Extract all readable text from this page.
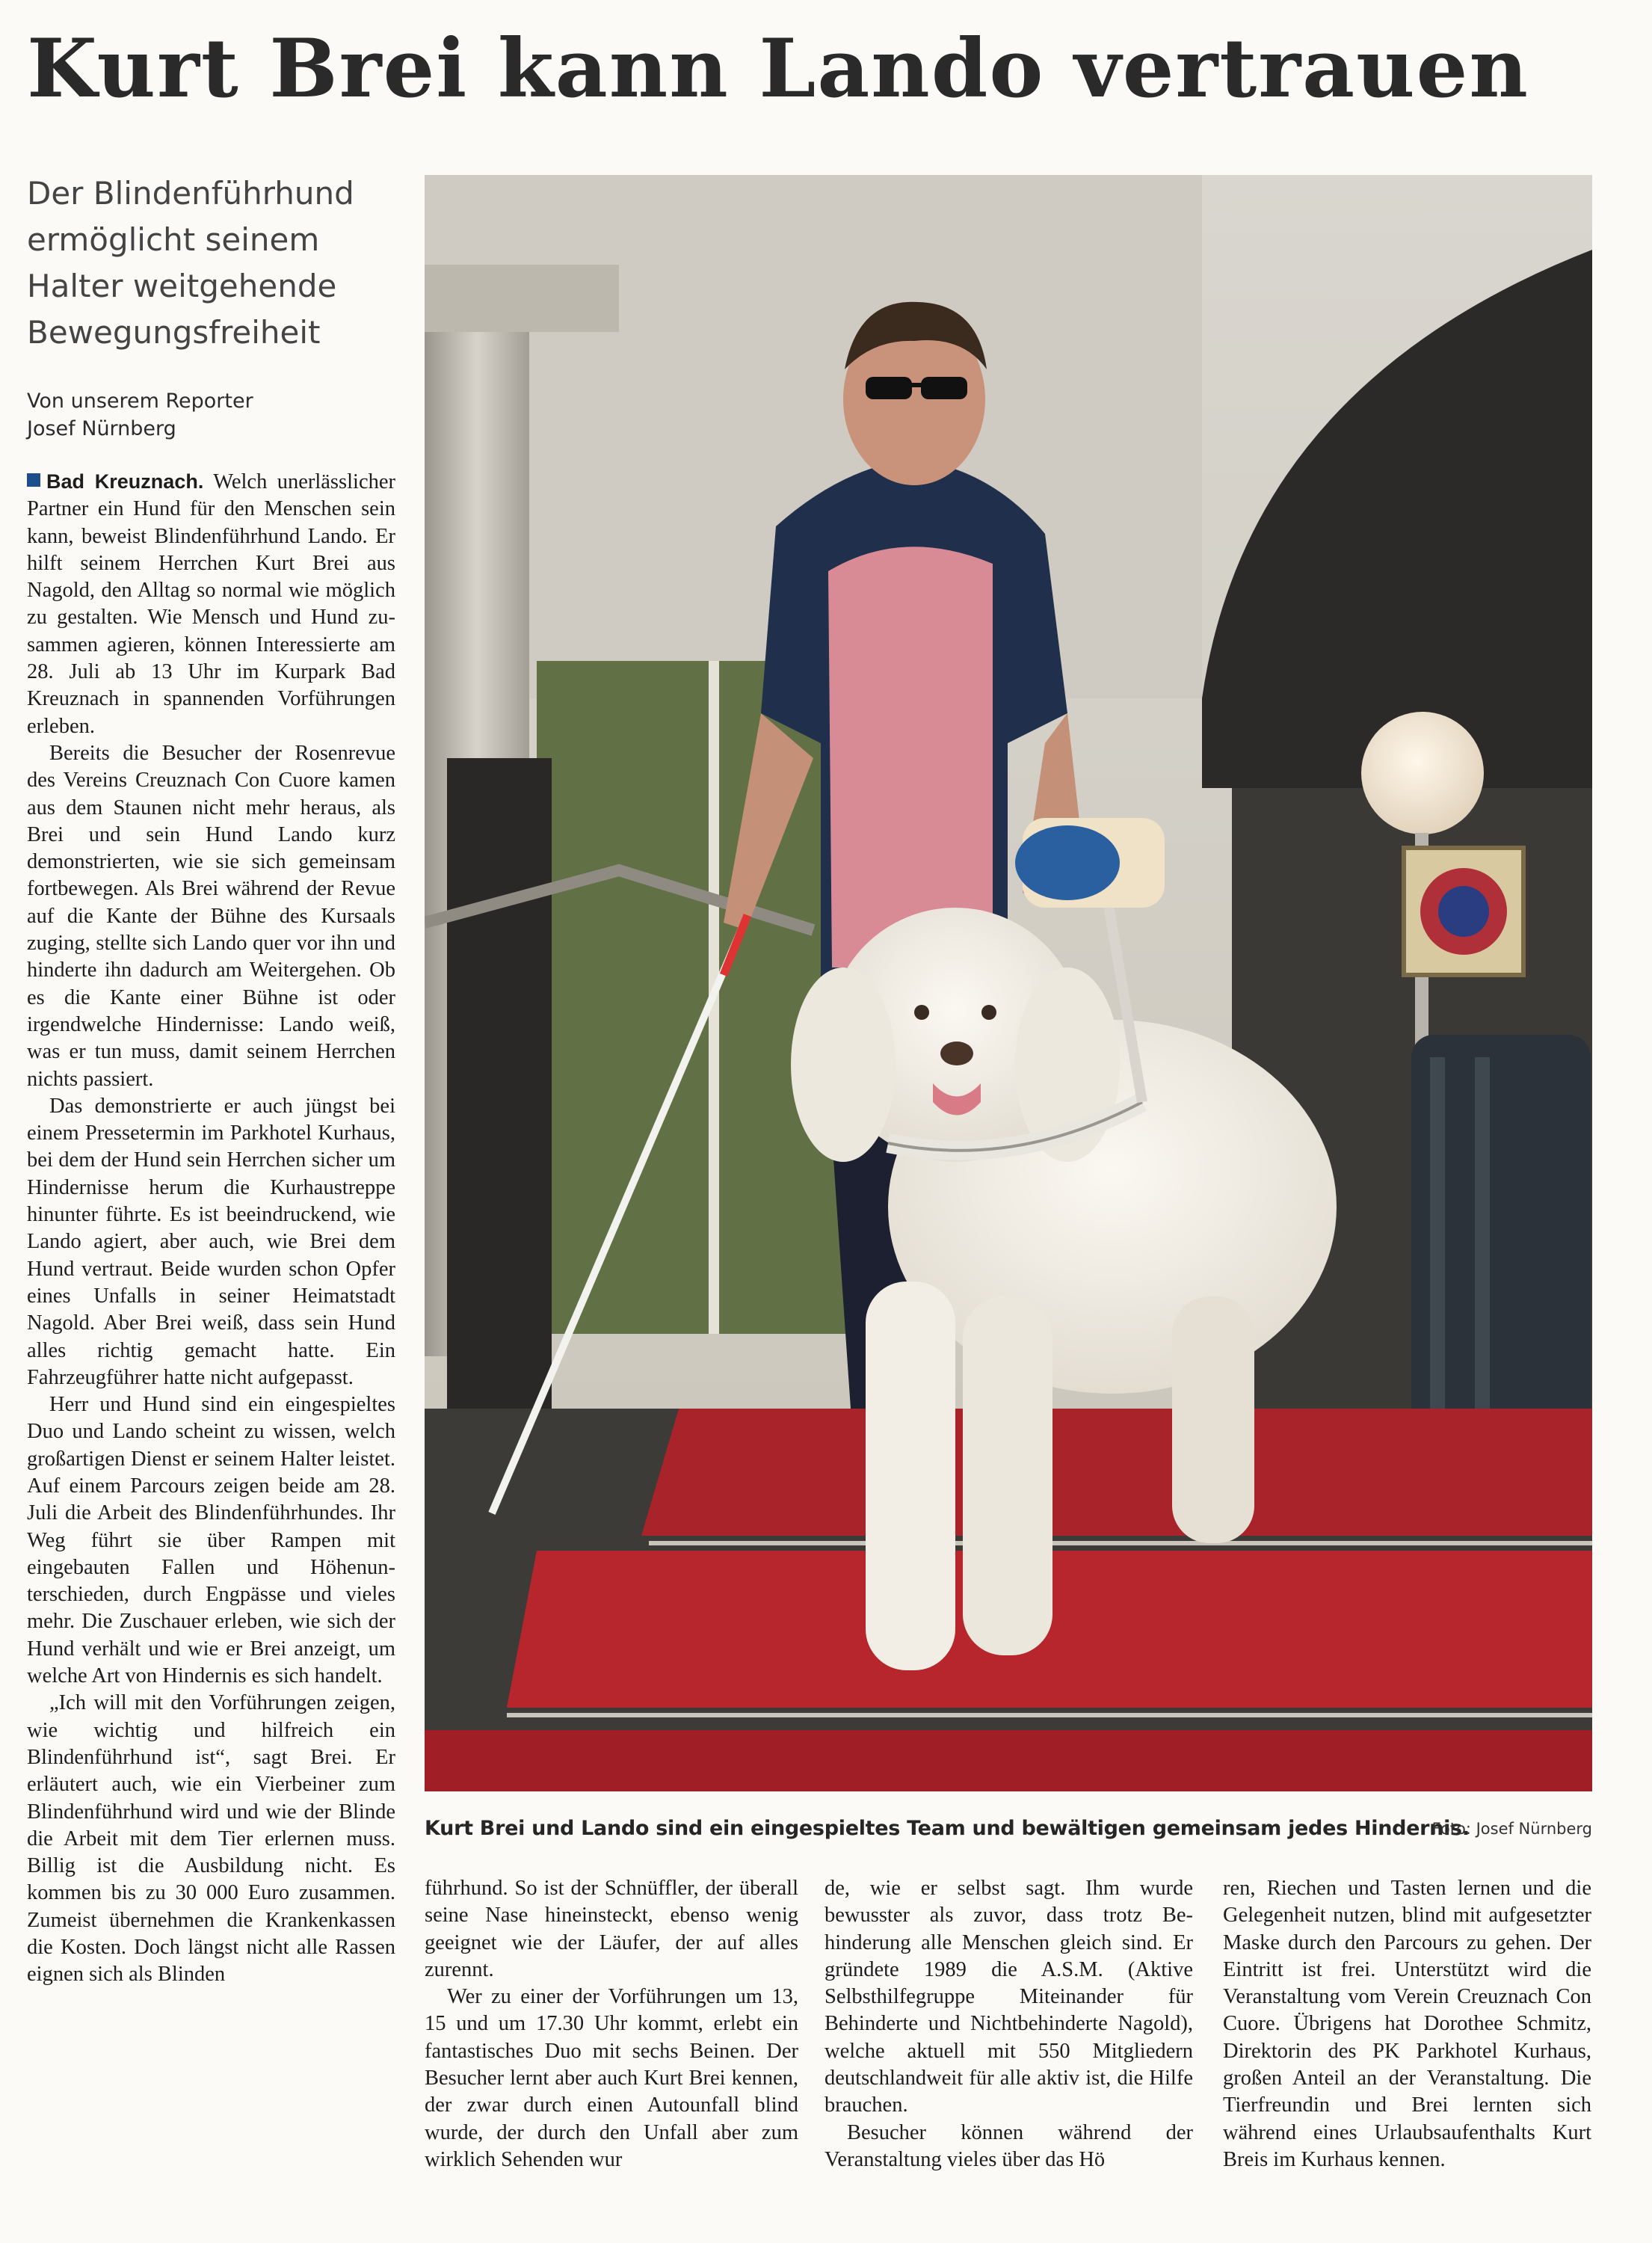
Kurt Brei kann Lando vertrauen
Der Blindenführhund
ermöglicht seinem
Halter weitgehende
Bewegungsfreiheit
Von unserem Reporter
Josef Nürnberg

Bad Kreuznach. Welch unerlässlicher Partner ein Hund für den Menschen sein kann, beweist Blindenführhund Lando. Er hilft seinem Herrchen Kurt Brei aus Nagold, den Alltag so normal wie möglich zu gestalten. Wie Mensch und Hund zusammen agieren, können Interessierte am 28. Juli ab 13 Uhr im Kurpark Bad Kreuznach in spannenden Vorführungen erleben.

Bereits die Besucher der Rosenrevue des Vereins Creuznach Con Cuore kamen aus dem Staunen nicht mehr heraus, als Brei und sein Hund Lando kurz demonstrierten, wie sie sich gemeinsam fortbewegen. Als Brei während der Revue auf die Kante der Bühne des Kursaals zuging, stellte sich Lando quer vor ihn und hinderte ihn dadurch am Weitergehen. Ob es die Kante einer Bühne ist oder irgendwelche Hindernisse: Lando weiß, was er tun muss, damit seinem Herrchen nichts passiert.

Das demonstrierte er auch jüngst bei einem Pressetermin im Parkhotel Kurhaus, bei dem der Hund sein Herrchen sicher um Hindernisse herum die Kurhaustreppe hinunter führte. Es ist beeindruckend, wie Lando agiert, aber auch, wie Brei dem Hund vertraut. Beide wurden schon Opfer eines Unfalls in seiner Heimatstadt Nagold. Aber Brei weiß, dass sein Hund alles richtig gemacht hatte. Ein Fahrzeugführer hatte nicht aufgepasst.

Herr und Hund sind ein eingespieltes Duo und Lando scheint zu wissen, welch großartigen Dienst er seinem Halter leistet. Auf einem Parcours zeigen beide am 28. Juli die Arbeit des Blindenführhundes. Ihr Weg führt sie über Rampen mit eingebauten Fallen und Höhenunterschieden, durch Engpässe und vieles mehr. Die Zuschauer erleben, wie sich der Hund verhält und wie er Brei anzeigt, um welche Art von Hindernis es sich handelt.

„Ich will mit den Vorführungen zeigen, wie wichtig und hilfreich ein Blindenführhund ist“, sagt Brei. Er erläutert auch, wie ein Vierbeiner zum Blindenführhund wird und wie der Blinde die Arbeit mit dem Tier erlernen muss. Billig ist die Ausbildung nicht. Es kommen bis zu 30 000 Euro zusammen. Zumeist übernehmen die Krankenkassen die Kosten. Doch längst nicht alle Rassen eignen sich als Blinden

Kurt Brei und Lando sind ein eingespieltes Team und bewältigen gemeinsam jedes Hindernis.
Foto: Josef Nürnberg

führhund. So ist der Schnüffler, der überall seine Nase hineinsteckt, ebenso wenig geeignet wie der Läufer, der auf alles zurennt.

Wer zu einer der Vorführungen um 13, 15 und um 17.30 Uhr kommt, erlebt ein fantastisches Duo mit sechs Beinen. Der Besucher lernt aber auch Kurt Brei kennen, der zwar durch einen Autounfall blind wurde, der durch den Unfall aber zum wirklich Sehenden wur

de, wie er selbst sagt. Ihm wurde bewusster als zuvor, dass trotz Behinderung alle Menschen gleich sind. Er gründete 1989 die A.S.M. (Aktive Selbsthilfegruppe Miteinander für Behinderte und Nichtbehinderte Nagold), welche aktuell mit 550 Mitgliedern deutschlandweit für alle aktiv ist, die Hilfe brauchen.

Besucher können während der Veranstaltung vieles über das Hö

ren, Riechen und Tasten lernen und die Gelegenheit nutzen, blind mit aufgesetzter Maske durch den Parcours zu gehen. Der Eintritt ist frei. Unterstützt wird die Veranstaltung vom Verein Creuznach Con Cuore. Übrigens hat Dorothee Schmitz, Direktorin des PK Parkhotel Kurhaus, großen Anteil an der Veranstaltung. Die Tierfreundin und Brei lernten sich während eines Urlaubsaufenthalts Kurt Breis im Kurhaus kennen.
